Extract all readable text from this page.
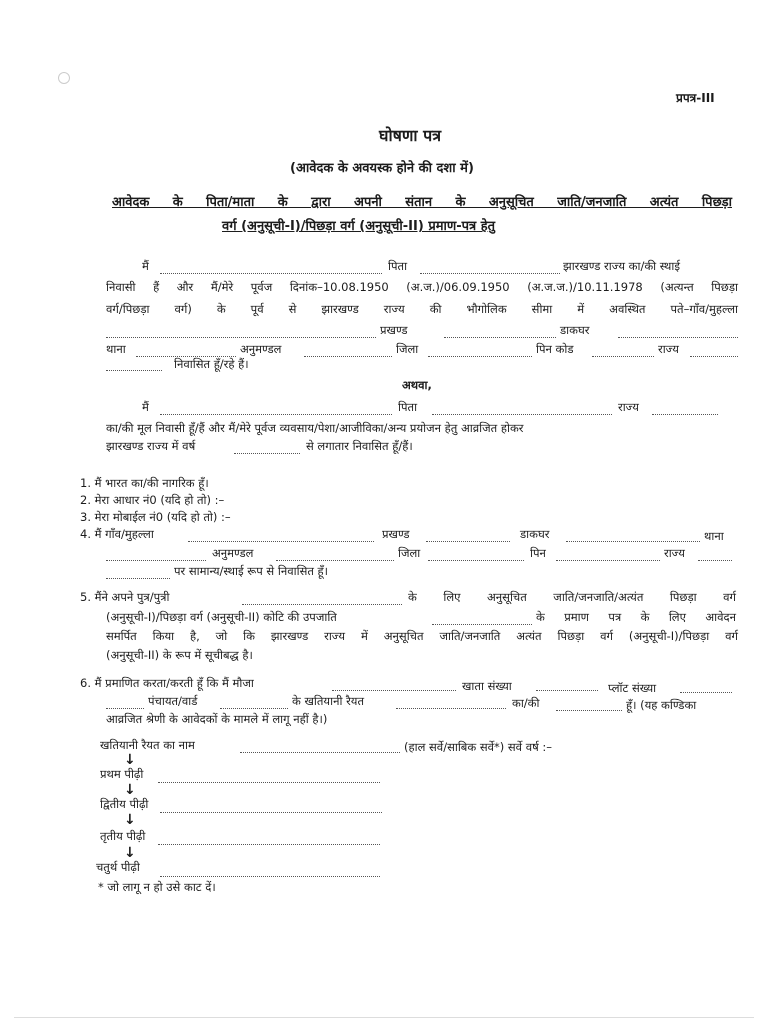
प्रपत्र-III
घोषणा पत्र
(आवेदक के अवयस्क होने की दशा में)
आवेदक के पिता/माता के द्वारा अपनी संतान के अनुसूचित जाति/जनजाति अत्यंत पिछड़ा
वर्ग (अनुसूची-I)/पिछड़ा वर्ग (अनुसूची-II) प्रमाण-पत्र हेतु
मैं	पिता	झारखण्ड राज्य का/की स्थाई
निवासी हैं और मैं/मेरे पूर्वज दिनांक–10.08.1950 (अ.ज.)/06.09.1950 (अ.ज.ज.)/10.11.1978 (अत्यन्त पिछड़ा
वर्ग/पिछड़ा वर्ग) के पूर्व से झारखण्ड राज्य की भौगोलिक सीमा में अवस्थित पते–गाँव/मुहल्ला
प्रखण्ड	डाकघर
थाना	अनुमण्डल	जिला	पिन कोड	राज्य
निवासित हूँ/रहे हैं।
अथवा,
मैं	पिता	राज्य
का/की मूल निवासी हूँ/हैं और मैं/मेरे पूर्वज व्यवसाय/पेशा/आजीविका/अन्य प्रयोजन हेतु आव्रजित होकर
झारखण्ड राज्य में वर्ष	से लगातार निवासित हूँ/हैं।
1. मैं भारत का/की नागरिक हूँ।
2. मेरा आधार नं0 (यदि हो तो) :–
3. मेरा मोबाईल नं0 (यदि हो तो) :–
4. मैं गाँव/मुहल्ला	प्रखण्ड	डाकघर	थाना
अनुमण्डल	जिला	पिन	राज्य
पर सामान्य/स्थाई रूप से निवासित हूँ।
5. मैंने अपने पुत्र/पुत्री	के लिए अनुसूचित जाति/जनजाति/अत्यंत पिछड़ा वर्ग
(अनुसूची-I)/पिछड़ा वर्ग (अनुसूची-II) कोटि की उपजाति	के प्रमाण पत्र के लिए आवेदन
समर्पित किया है, जो कि झारखण्ड राज्य में अनुसूचित जाति/जनजाति अत्यंत पिछड़ा वर्ग (अनुसूची-I)/पिछड़ा वर्ग
(अनुसूची-II) के रूप में सूचीबद्ध है।
6. मैं प्रमाणित करता/करती हूँ कि मैं मौजा	खाता संख्या	प्लॉट संख्या
पंचायत/वार्ड	के खतियानी रैयत	का/की	हूँ। (यह कण्डिका
आव्रजित श्रेणी के आवेदकों के मामले में लागू नहीं है।)
खतियानी रैयत का नाम	(हाल सर्वे/साबिक सर्वे*) सर्वे वर्ष :–
↓
प्रथम पीढ़ी
↓
द्वितीय पीढ़ी
↓
तृतीय पीढ़ी
↓
चतुर्थ पीढ़ी
* जो लागू न हो उसे काट दें।
